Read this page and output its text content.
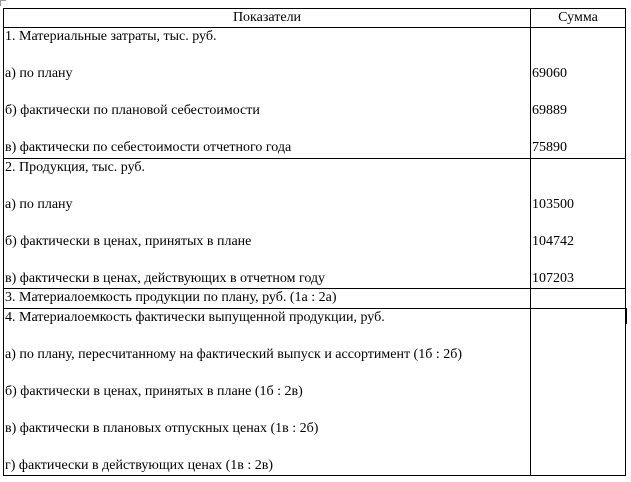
Показатели	Сумма
1. Материальные затраты, тыс. руб.
а) по плану
б) фактически по плановой себестоимости
в) фактически по себестоимости отчетного года
69060
69889
75890
2. Продукция, тыс. руб.
а) по плану
б) фактически в ценах, принятых в плане
в) фактически в ценах, действующих в отчетном году
103500
104742
107203
3. Материалоемкость продукции по плану, руб. (1а : 2а)
4. Материалоемкость фактически выпущенной продукции, руб.
а) по плану, пересчитанному на фактический выпуск и ассортимент (1б : 2б)
б) фактически в ценах, принятых в плане (1б : 2в)
в) фактически в плановых отпускных ценах (1в : 2б)
г) фактически в действующих ценах (1в : 2в)
